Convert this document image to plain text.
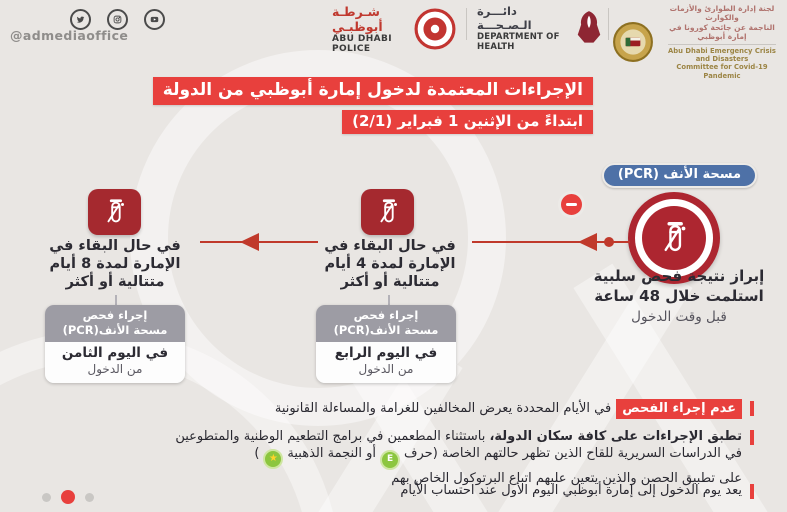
@admediaoffice
شـرطـة أبوظبـي
ABU DHABI POLICE
دائـــرة الـصـحـــة
DEPARTMENT OF HEALTH
لجنة إدارة الطوارئ والأزمات والكوارث
الناجمة عن جائحة كورونا في إمارة أبوظبي
Abu Dhabi Emergency Crisis and Disasters
Committee for Covid-19 Pandemic
الإجراءات المعتمدة لدخول إمارة أبوظبي من الدولة
ابتداءً من الإثنين 1 فبراير (2/1)
مسحة الأنف (PCR)
إبراز نتيجة فحص سلبية
استلمت خلال 48 ساعة
قبل وقت الدخول
في حال البقاء في
الإمارة لمدة 4 أيام
متتالية أو أكثر
إجراء فحص
مسحة الأنف(PCR)
في اليوم الرابع
من الدخول
في حال البقاء في
الإمارة لمدة 8 أيام
متتالية أو أكثر
إجراء فحص
مسحة الأنف(PCR)
في اليوم الثامن
من الدخول
عدم إجراء الفحصفي الأيام المحددة يعرض المخالفين للغرامة والمساءلة القانونية
تطبق الإجراءات على كافة سكان الدولة، باستثناء المطعمين في برامج التطعيم الوطنية والمتطوعين
في الدراسات السريرية للقاح الذين تظهر حالتهم الخاصة (حرف
E
أو النجمة الذهبية
★
)
على تطبيق الحصن والذين يتعين عليهم اتباع البرتوكول الخاص بهم
يعد يوم الدخول إلى إمارة أبوظبي اليوم الأول عند احتساب الأيام
